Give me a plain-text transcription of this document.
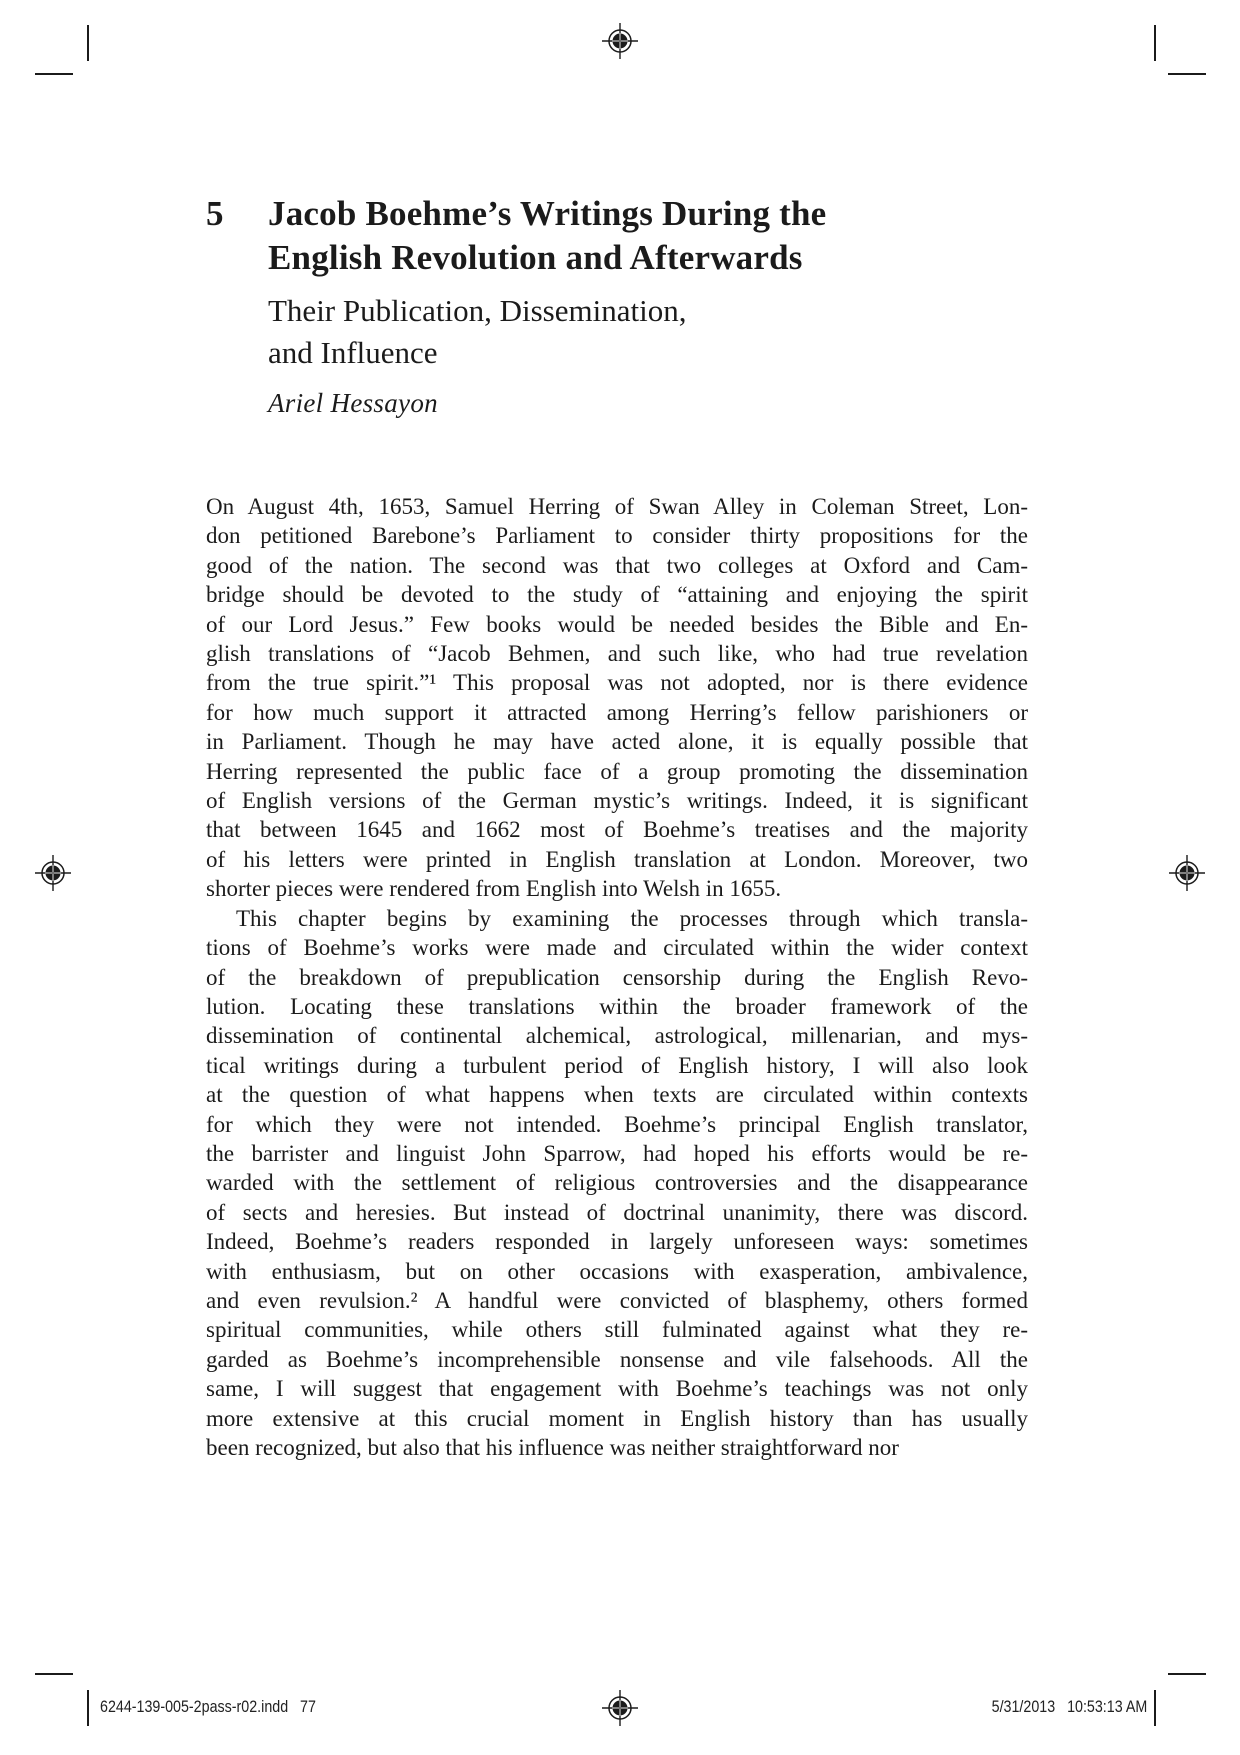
5	Jacob Boehme’s Writings During the
English Revolution and Afterwards
Their Publication, Dissemination,
and Influence
Ariel Hessayon
On August 4th, 1653, Samuel Herring of Swan Alley in Coleman Street, Lon-
don petitioned Barebone’s Parliament to consider thirty propositions for the
good of the nation. The second was that two colleges at Oxford and Cam-
bridge should be devoted to the study of “attaining and enjoying the spirit
of our Lord Jesus.” Few books would be needed besides the Bible and En-
glish translations of “Jacob Behmen, and such like, who had true revelation
from the true spirit.”¹ This proposal was not adopted, nor is there evidence
for how much support it attracted among Herring’s fellow parishioners or
in Parliament. Though he may have acted alone, it is equally possible that
Herring represented the public face of a group promoting the dissemination
of English versions of the German mystic’s writings. Indeed, it is significant
that between 1645 and 1662 most of Boehme’s treatises and the majority
of his letters were printed in English translation at London. Moreover, two
shorter pieces were rendered from English into Welsh in 1655.
This chapter begins by examining the processes through which transla-
tions of Boehme’s works were made and circulated within the wider context
of the breakdown of prepublication censorship during the English Revo-
lution. Locating these translations within the broader framework of the
dissemination of continental alchemical, astrological, millenarian, and mys-
tical writings during a turbulent period of English history, I will also look
at the question of what happens when texts are circulated within contexts
for which they were not intended. Boehme’s principal English translator,
the barrister and linguist John Sparrow, had hoped his efforts would be re-
warded with the settlement of religious controversies and the disappearance
of sects and heresies. But instead of doctrinal unanimity, there was discord.
Indeed, Boehme’s readers responded in largely unforeseen ways: sometimes
with enthusiasm, but on other occasions with exasperation, ambivalence,
and even revulsion.² A handful were convicted of blasphemy, others formed
spiritual communities, while others still fulminated against what they re-
garded as Boehme’s incomprehensible nonsense and vile falsehoods. All the
same, I will suggest that engagement with Boehme’s teachings was not only
more extensive at this crucial moment in English history than has usually
been recognized, but also that his influence was neither straightforward nor
6244-139-005-2pass-r02.indd   77	5/31/2013   10:53:13 AM
